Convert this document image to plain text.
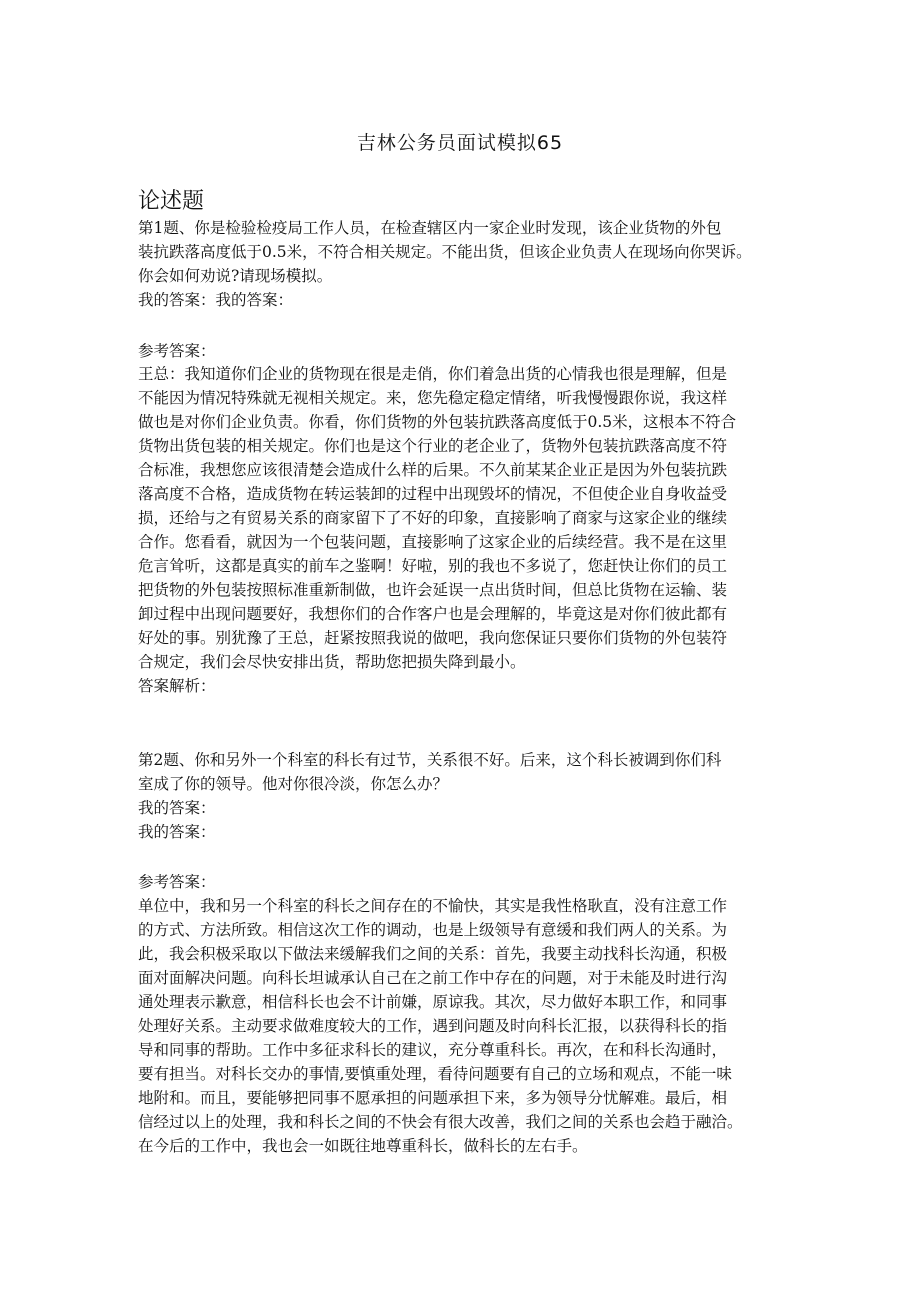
吉林公务员面试模拟65
论述题
第1题、你是检验检疫局工作人员，在检查辖区内一家企业时发现，该企业货物的外包
装抗跌落高度低于0.5米，不符合相关规定。不能出货，但该企业负责人在现场向你哭诉。
你会如何劝说?请现场模拟。
我的答案：我的答案：
参考答案：
王总：我知道你们企业的货物现在很是走俏，你们着急出货的心情我也很是理解，但是
不能因为情况特殊就无视相关规定。来，您先稳定稳定情绪，听我慢慢跟你说，我这样
做也是对你们企业负责。你看，你们货物的外包装抗跌落高度低于0.5米，这根本不符合
货物出货包装的相关规定。你们也是这个行业的老企业了，货物外包装抗跌落高度不符
合标准，我想您应该很清楚会造成什么样的后果。不久前某某企业正是因为外包装抗跌
落高度不合格，造成货物在转运装卸的过程中出现毁坏的情况，不但使企业自身收益受
损，还给与之有贸易关系的商家留下了不好的印象，直接影响了商家与这家企业的继续
合作。您看看，就因为一个包装问题，直接影响了这家企业的后续经营。我不是在这里
危言耸听，这都是真实的前车之鉴啊！好啦，别的我也不多说了，您赶快让你们的员工
把货物的外包装按照标准重新制做，也许会延误一点出货时间，但总比货物在运输、装
卸过程中出现问题要好，我想你们的合作客户也是会理解的，毕竟这是对你们彼此都有
好处的事。别犹豫了王总，赶紧按照我说的做吧，我向您保证只要你们货物的外包装符
合规定，我们会尽快安排出货，帮助您把损失降到最小。
答案解析：
第2题、你和另外一个科室的科长有过节，关系很不好。后来，这个科长被调到你们科
室成了你的领导。他对你很冷淡，你怎么办？
我的答案：
我的答案：
参考答案：
单位中，我和另一个科室的科长之间存在的不愉快，其实是我性格耿直，没有注意工作
的方式、方法所致。相信这次工作的调动，也是上级领导有意缓和我们两人的关系。为
此，我会积极采取以下做法来缓解我们之间的关系：首先，我要主动找科长沟通，积极
面对面解决问题。向科长坦诚承认自己在之前工作中存在的问题，对于未能及时进行沟
通处理表示歉意，相信科长也会不计前嫌，原谅我。其次，尽力做好本职工作，和同事
处理好关系。主动要求做难度较大的工作，遇到问题及时向科长汇报，以获得科长的指
导和同事的帮助。工作中多征求科长的建议，充分尊重科长。再次，在和科长沟通时，
要有担当。对科长交办的事情,要慎重处理，看待问题要有自己的立场和观点，不能一味
地附和。而且，要能够把同事不愿承担的问题承担下来，多为领导分忧解难。最后，相
信经过以上的处理，我和科长之间的不快会有很大改善，我们之间的关系也会趋于融洽。
在今后的工作中，我也会一如既往地尊重科长，做科长的左右手。
